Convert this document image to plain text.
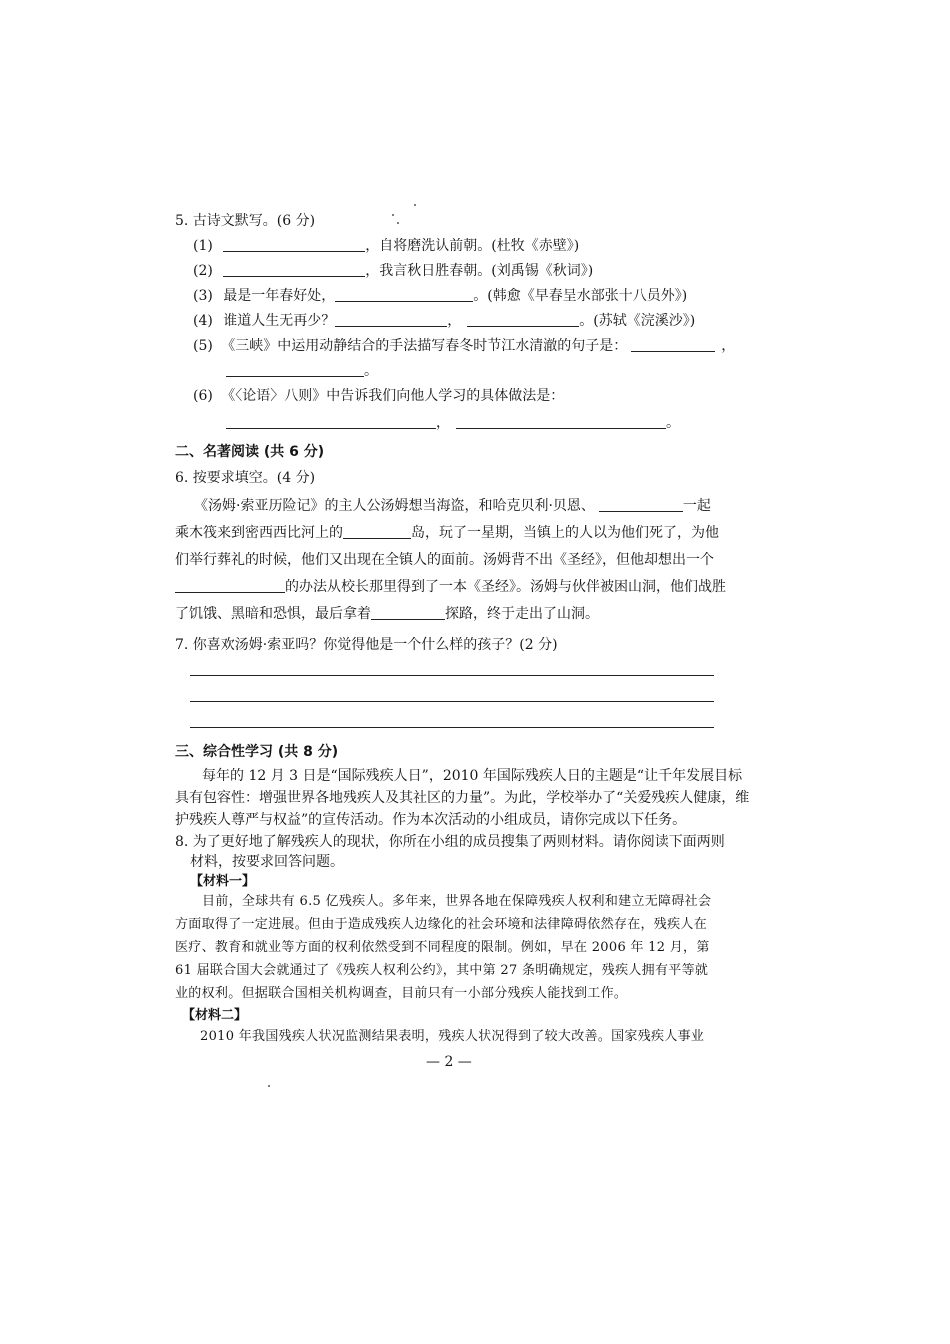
5. 古诗文默写。(6 分)
(1)	，自将磨洗认前朝。(杜牧《赤壁》)
(2)	，我言秋日胜春朝。(刘禹锡《秋词》)
(3) 最是一年春好处，	。(韩愈《早春呈水部张十八员外》)
(4) 谁道人生无再少？	，	。(苏轼《浣溪沙》)
(5) 《三峡》中运用动静结合的手法描写春冬时节江水清澈的句子是：	，
。
(6) 《〈论语〉八则》中告诉我们向他人学习的具体做法是：
，	。
二、名著阅读 (共 6 分)
6. 按要求填空。(4 分)
《汤姆·索亚历险记》的主人公汤姆想当海盗，和哈克贝利·贝恩、	一起
乘木筏来到密西西比河上的	岛，玩了一星期，当镇上的人以为他们死了，为他
们举行葬礼的时候，他们又出现在全镇人的面前。汤姆背不出《圣经》，但他却想出一个
的办法从校长那里得到了一本《圣经》。汤姆与伙伴被困山洞，他们战胜
了饥饿、黑暗和恐惧，最后拿着	探路，终于走出了山洞。
7. 你喜欢汤姆·索亚吗？你觉得他是一个什么样的孩子？(2 分)
三、综合性学习 (共 8 分)
每年的 12 月 3 日是“国际残疾人日”，2010 年国际残疾人日的主题是“让千年发展目标
具有包容性：增强世界各地残疾人及其社区的力量”。为此，学校举办了“关爱残疾人健康，维
护残疾人尊严与权益”的宣传活动。作为本次活动的小组成员，请你完成以下任务。
8. 为了更好地了解残疾人的现状，你所在小组的成员搜集了两则材料。请你阅读下面两则
材料，按要求回答问题。
【材料一】
目前，全球共有 6.5 亿残疾人。多年来，世界各地在保障残疾人权利和建立无障碍社会
方面取得了一定进展。但由于造成残疾人边缘化的社会环境和法律障碍依然存在，残疾人在
医疗、教育和就业等方面的权利依然受到不同程度的限制。例如，早在 2006 年 12 月，第
61 届联合国大会就通过了《残疾人权利公约》，其中第 27 条明确规定，残疾人拥有平等就
业的权利。但据联合国相关机构调查，目前只有一小部分残疾人能找到工作。
【材料二】
2010 年我国残疾人状况监测结果表明，残疾人状况得到了较大改善。国家残疾人事业
— 2 —
